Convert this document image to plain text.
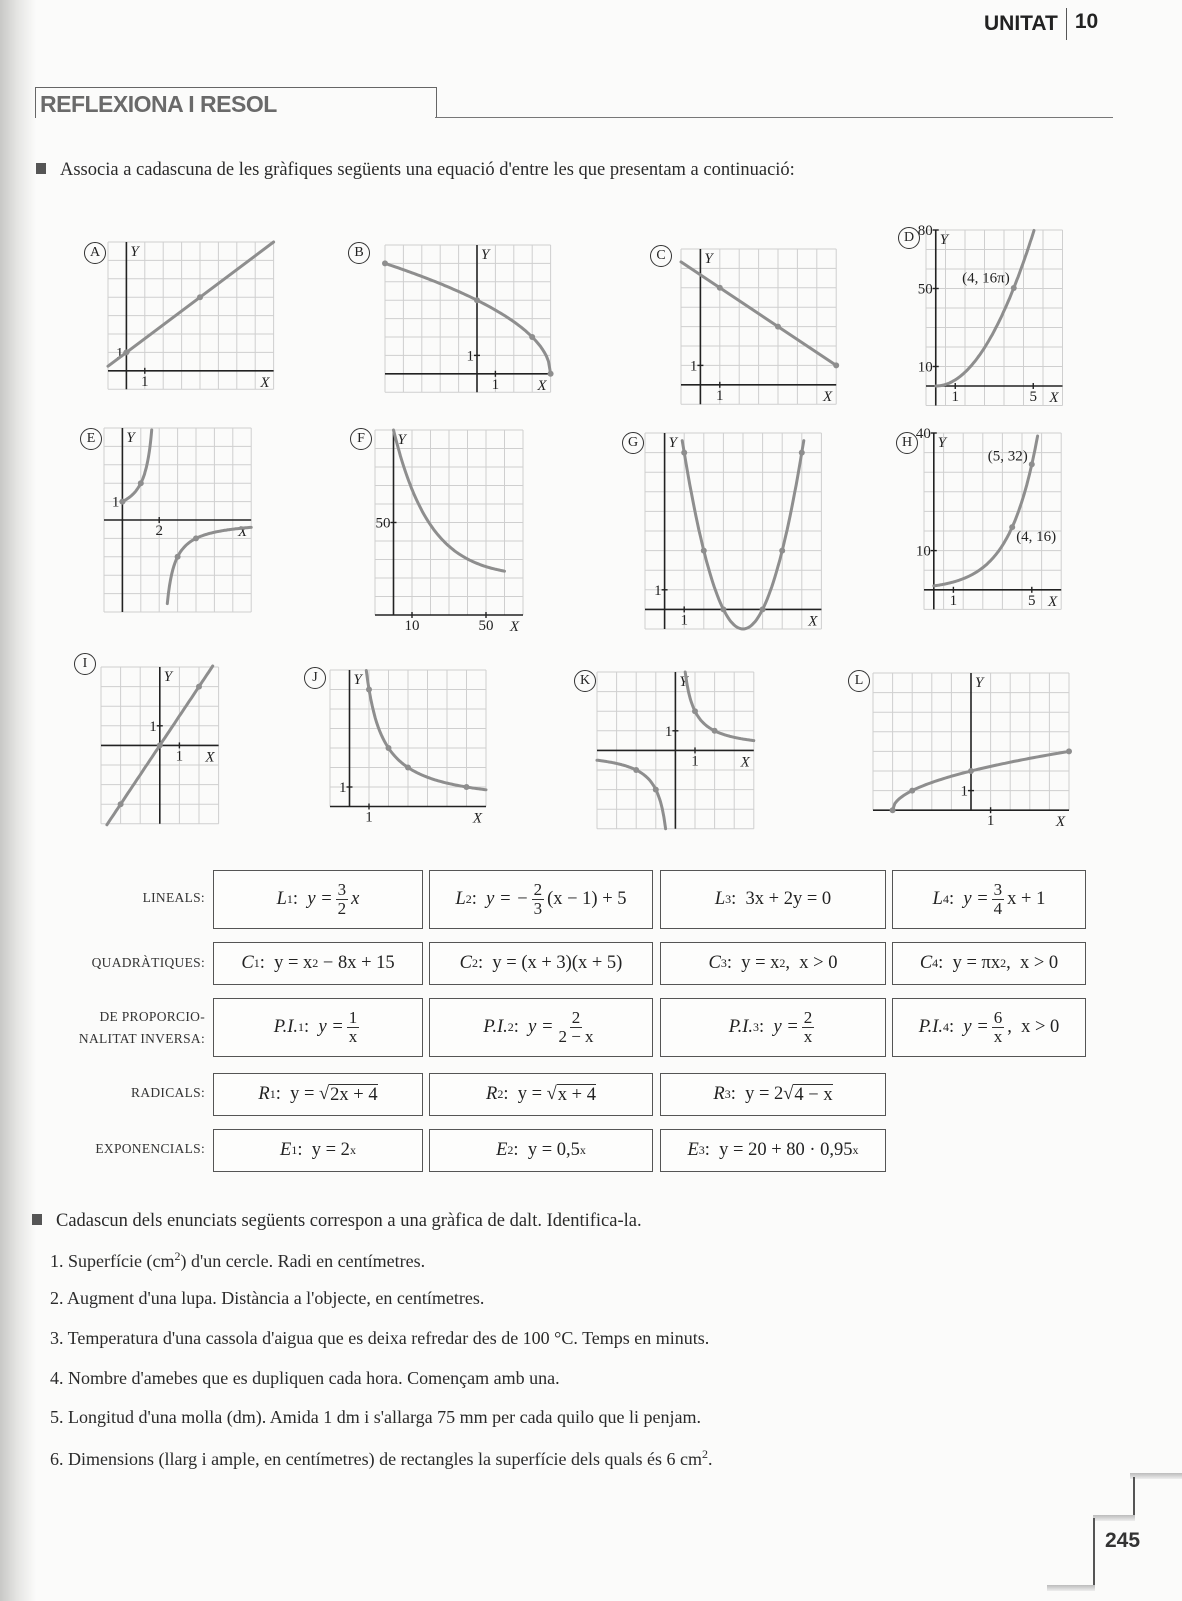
UNITAT 10
REFLEXIONA I RESOL
Associa a cadascuna de les gràfiques següents una equació d'entre les que presentam a continuació:
Y
X
1
1
A	Y
X
1
1
B	Y
X
1
1
C
Y
X
1	5
10
50
80
(4, 16π)
D
Y
X
2
1
E	Y
X
10	50
50
F	Y
X
1
1
G	Y
X
1	5
10
40
(5, 32)
(4, 16)
H
Y
X
1
1
I
Y
X
1
1
J	Y
X
1
1
K	Y
X
1
1
L
LINEALS:
QUADRÀTIQUES:
DE PROPORCIO-
NALITAT INVERSA:
RADICALS:
EXPONENCIALS:
L 1 : $y = \frac{3}{2}$ x	L 2 : y = − $\frac{2}{3} (x - 1) + 5$	L 3 : 3x + 2y = 0	L 4 : $y = \frac{3}{4}$ x + 1
C 1 : y = x 2 − 8x + 15	C 2 : y = (x + 3)(x + 5)	C 3 : y = x 2 ,  x > 0	C 4 : y = πx 2 ,  x > 0
P.I. 1 : $y = \frac{1}{x}$	P.I. 2 : $y = \frac{2}{2 - x}$	P.I. 3 : $y = \frac{2}{x}$	P.I. 4 : $y = \frac{6}{x}$ ,  x > 0
R 1 : y = √ 2x + 4	R 2 : y = √ x + 4	R 3 : y = 2√ 4 − x
E 1 : y = 2 x	E 2 : y = 0,5 x	E 3 : y = 20 + 80 · 0,95 x
Cadascun dels enunciats següents correspon a una gràfica de dalt. Identifica-la.
1. Superfície $(cm^2)$ d'un cercle. Radi en centímetres.
2. Augment d'una lupa. Distància a l'objecte, en centímetres.
3. Temperatura d'una cassola d'aigua que es deixa refredar des de 100 °C. Temps en minuts.
4. Nombre d'amebes que es dupliquen cada hora. Començam amb una.
5. Longitud d'una molla (dm). Amida 1 dm i s'allarga 75 mm per cada quilo que li penjam.
6. Dimensions (llarg i ample, en centímetres) de rectangles la superfície dels quals és 6 $cm^2$.
245
